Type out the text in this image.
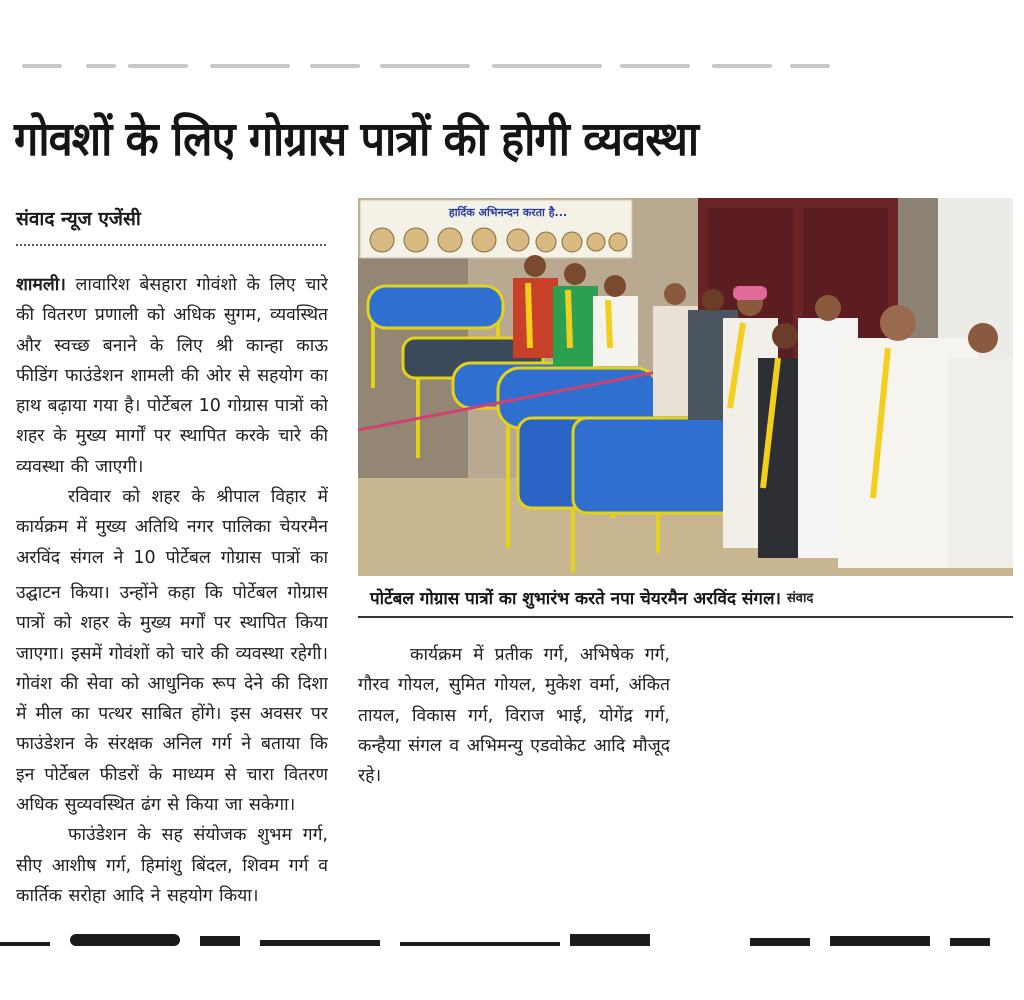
गोवशों के लिए गोग्रास पात्रों की होगी व्यवस्था
संवाद न्यूज एजेंसी

शामली। लावारिश बेसहारा गोवंशो के लिए चारे की वितरण प्रणाली को अधिक सुगम, व्यवस्थित और स्वच्छ बनाने के लिए श्री कान्हा काऊ फीडिंग फाउंडेशन शामली की ओर से सहयोग का हाथ बढ़ाया गया है। पोर्टेबल 10 गोग्रास पात्रों को शहर के मुख्य मार्गों पर स्थापित करके चारे की व्यवस्था की जाएगी।

रविवार को शहर के श्रीपाल विहार में कार्यक्रम में मुख्य अतिथि नगर पालिका चेयरमैन अरविंद संगल ने 10 पोर्टेबल गोग्रास पात्रों का

उद्घाटन किया। उन्होंने कहा कि पोर्टेबल गोग्रास पात्रों को शहर के मुख्य मर्गों पर स्थापित किया जाएगा। इसमें गोवंशों को चारे की व्यवस्था रहेगी। गोवंश की सेवा को आधुनिक रूप देने की दिशा में मील का पत्थर साबित होंगे। इस अवसर पर फाउंडेशन के संरक्षक अनिल गर्ग ने बताया कि इन पोर्टेबल फीडरों के माध्यम से चारा वितरण अधिक सुव्यवस्थित ढंग से किया जा सकेगा।

फाउंडेशन के सह संयोजक शुभम गर्ग, सीए आशीष गर्ग, हिमांशु बिंदल, शिवम गर्ग व कार्तिक सरोहा आदि ने सहयोग किया।

कार्यक्रम में प्रतीक गर्ग, अभिषेक गर्ग, गौरव गोयल, सुमित गोयल, मुकेश वर्मा, अंकित तायल, विकास गर्ग, विराज भाई, योगेंद्र गर्ग, कन्हैया संगल व अभिमन्यु एडवोकेट आदि मौजूद रहे।

हार्दिक अभिनन्दन करता है...
पोर्टेबल गोग्रास पात्रों का शुभारंभ करते नपा चेयरमैन अरविंद संगल। संवाद
